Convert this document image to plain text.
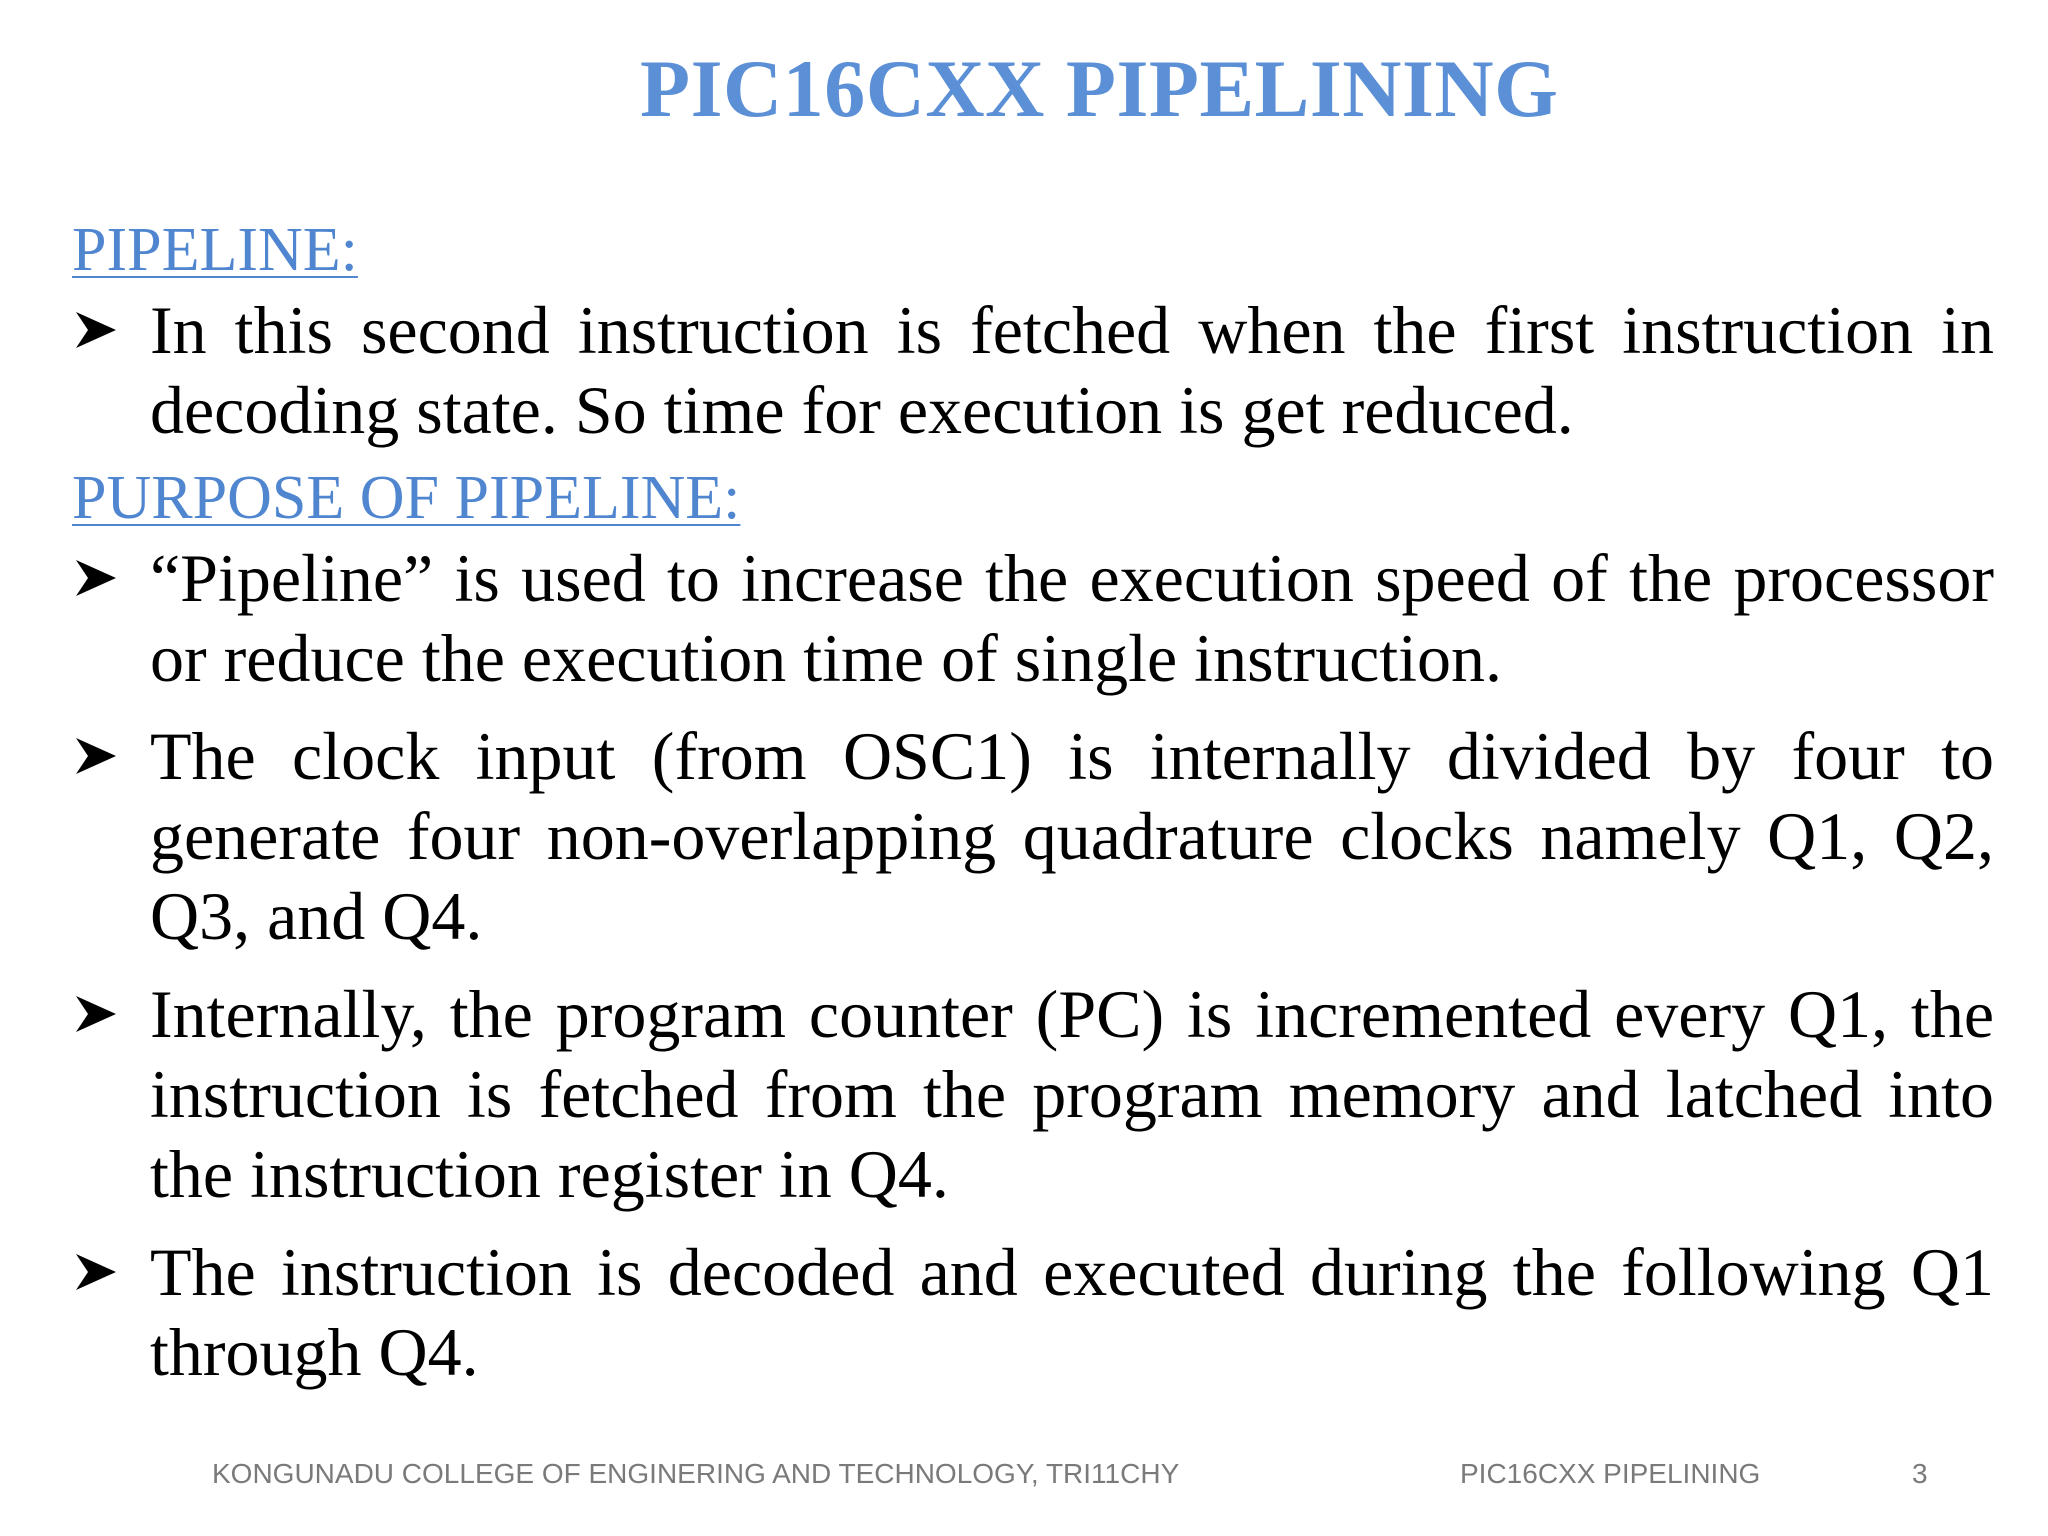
PIC16CXX PIPELINING
PIPELINE:
In this second instruction is fetched when the first instruction in decoding state. So time for execution is get reduced.
PURPOSE OF PIPELINE:
“Pipeline” is used to increase the execution speed of the processor or reduce the execution time of single instruction.
The clock input (from OSC1) is internally divided by four to generate four non-overlapping quadrature clocks namely Q1, Q2, Q3, and Q4.
Internally, the program counter (PC) is incremented every Q1, the instruction is fetched from the program memory and latched into the instruction register in Q4.
The instruction is decoded and executed during the following Q1 through Q4.
KONGUNADU COLLEGE OF ENGINERING AND TECHNOLOGY, TRI11CHY	PIC16CXX PIPELINING	3
